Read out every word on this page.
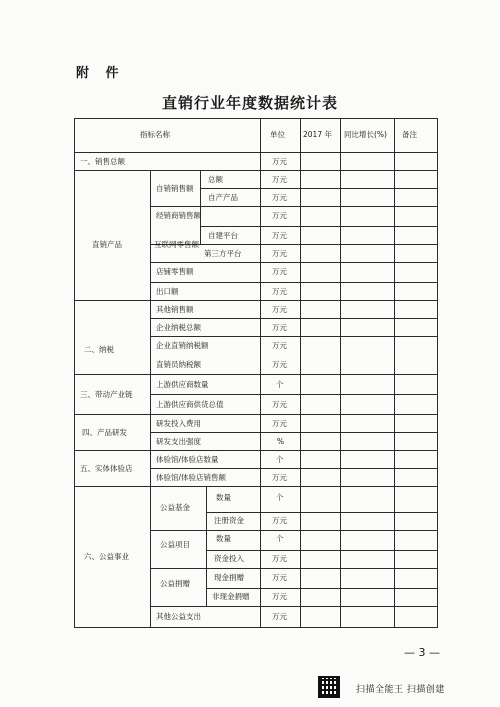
附 件
直销行业年度数据统计表
指标名称	单位 2017 年 同比增长(%) 备注
一、销售总额	万元
直销产品
自销销售额
总额	万元
自产产品	万元
经销商销售额	万元
互联网零售额
自建平台	万元
第三方平台	万元
店铺零售额	万元
出口额	万元
其他销售额	万元
二、纳税
企业纳税总额	万元
企业直销纳税额	万元
直销员纳税额	万元
三、带动产业链
上游供应商数量	个
上游供应商供货总值	万元
四、产品研发
研发投入费用	万元
研发支出强度	%
五、实体体验店
体验馆/体验店数量	个
体验馆/体验店销售额	万元
六、公益事业
公益基金
数量	个
注册资金	万元
公益项目
数量	个
资金投入	万元
公益捐赠
现金捐赠	万元
非现金捐赠	万元
其他公益支出	万元
— 3 —
扫描全能王 扫描创建
